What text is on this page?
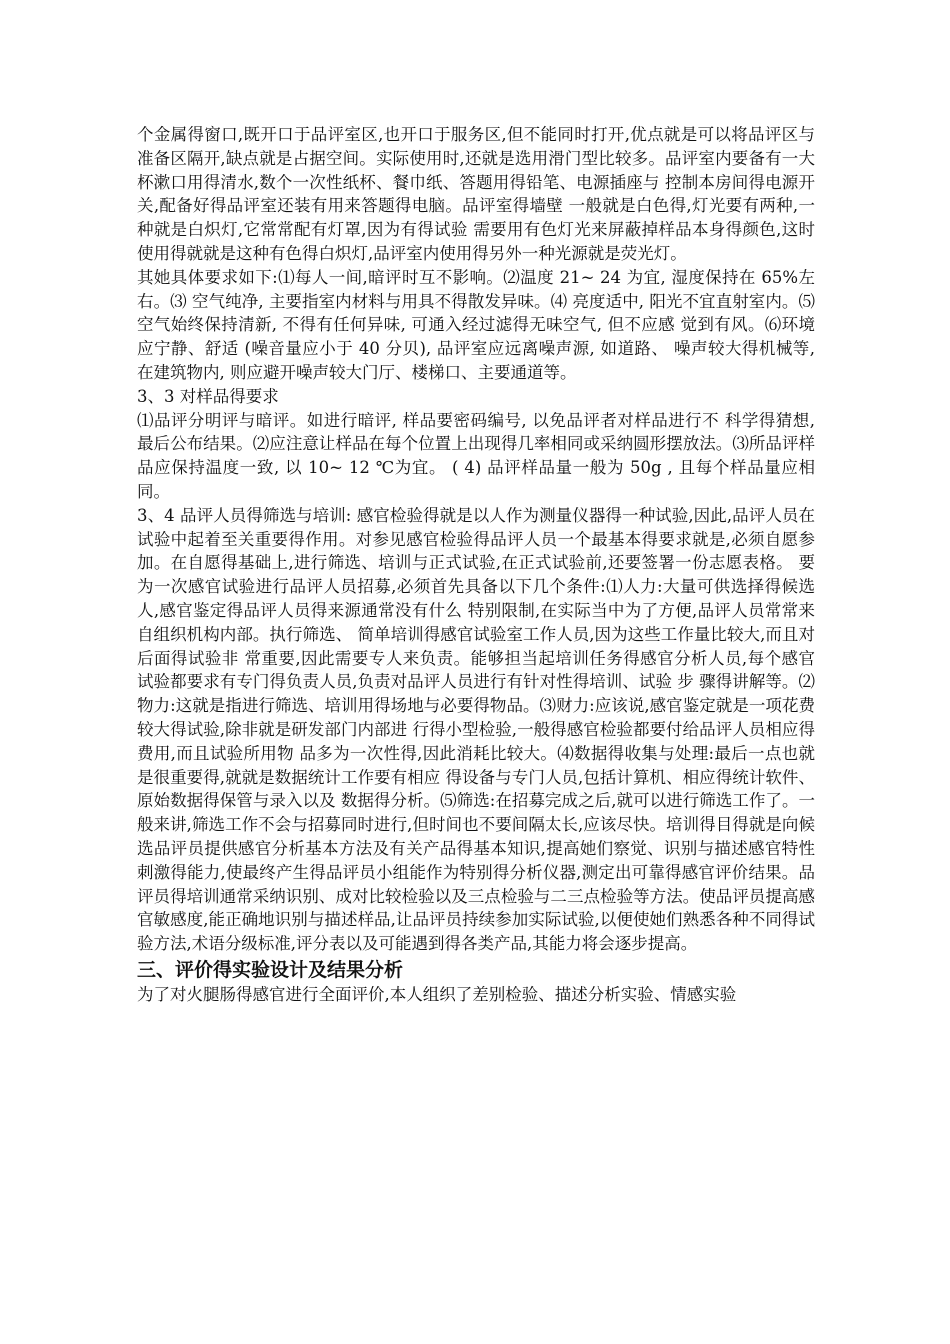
个金属得窗口,既开口于品评室区,也开口于服务区,但不能同时打开,优点就是可以将品评区与准备区隔开,缺点就是占据空间。实际使用时,还就是选用滑门型比较多。品评室内要备有一大杯漱口用得清水,数个一次性纸杯、餐巾纸、答题用得铅笔、电源插座与 控制本房间得电源开关,配备好得品评室还装有用来答题得电脑。品评室得墙壁 一般就是白色得,灯光要有两种,一种就是白炽灯,它常常配有灯罩,因为有得试验 需要用有色灯光来屏蔽掉样品本身得颜色,这时使用得就就是这种有色得白炽灯,品评室内使用得另外一种光源就是荧光灯。

其她具体要求如下:⑴每人一间,暗评时互不影响。⑵温度 21~ 24 为宜, 湿度保持在 65%左右。⑶ 空气纯净, 主要指室内材料与用具不得散发异味。⑷ 亮度适中, 阳光不宜直射室内。⑸空气始终保持清新, 不得有任何异味, 可通入经过滤得无味空气, 但不应感 觉到有风。⑹环境应宁静、舒适 (噪音量应小于 40 分贝), 品评室应远离噪声源, 如道路、 噪声较大得机械等, 在建筑物内, 则应避开噪声较大门厅、楼梯口、主要通道等。

3、3 对样品得要求

⑴品评分明评与暗评。如进行暗评, 样品要密码编号, 以免品评者对样品进行不 科学得猜想, 最后公布结果。⑵应注意让样品在每个位置上出现得几率相同或采纳圆形摆放法。⑶所品评样品应保持温度一致, 以 10~ 12 ℃为宜。 ( 4) 品评样品量一般为 50g , 且每个样品量应相同。

3、4 品评人员得筛选与培训: 感官检验得就是以人作为测量仪器得一种试验,因此,品评人员在试验中起着至关重要得作用。对参见感官检验得品评人员一个最基本得要求就是,必须自愿参加。在自愿得基础上,进行筛选、培训与正式试验,在正式试验前,还要签署一份志愿表格。 要为一次感官试验进行品评人员招募,必须首先具备以下几个条件:⑴人力:大量可供选择得候选人,感官鉴定得品评人员得来源通常没有什么 特别限制,在实际当中为了方便,品评人员常常来自组织机构内部。执行筛选、 简单培训得感官试验室工作人员,因为这些工作量比较大,而且对后面得试验非 常重要,因此需要专人来负责。能够担当起培训任务得感官分析人员,每个感官 试验都要求有专门得负责人员,负责对品评人员进行有针对性得培训、试验 步 骤得讲解等。⑵物力:这就是指进行筛选、培训用得场地与必要得物品。⑶财力:应该说,感官鉴定就是一项花费较大得试验,除非就是研发部门内部进 行得小型检验,一般得感官检验都要付给品评人员相应得费用,而且试验所用物 品多为一次性得,因此消耗比较大。⑷数据得收集与处理:最后一点也就是很重要得,就就是数据统计工作要有相应 得设备与专门人员,包括计算机、相应得统计软件、原始数据得保管与录入以及 数据得分析。⑸筛选:在招募完成之后,就可以进行筛选工作了。一般来讲,筛选工作不会与招募同时进行,但时间也不要间隔太长,应该尽快。培训得目得就是向候选品评员提供感官分析基本方法及有关产品得基本知识,提高她们察觉、识别与描述感官特性刺激得能力,使最终产生得品评员小组能作为特别得分析仪器,测定出可靠得感官评价结果。品评员得培训通常采纳识别、成对比较检验以及三点检验与二三点检验等方法。使品评员提高感官敏感度,能正确地识别与描述样品,让品评员持续参加实际试验,以便使她们熟悉各种不同得试验方法,术语分级标准,评分表以及可能遇到得各类产品,其能力将会逐步提高。

三、评价得实验设计及结果分析

为了对火腿肠得感官进行全面评价,本人组织了差别检验、描述分析实验、情感实验
